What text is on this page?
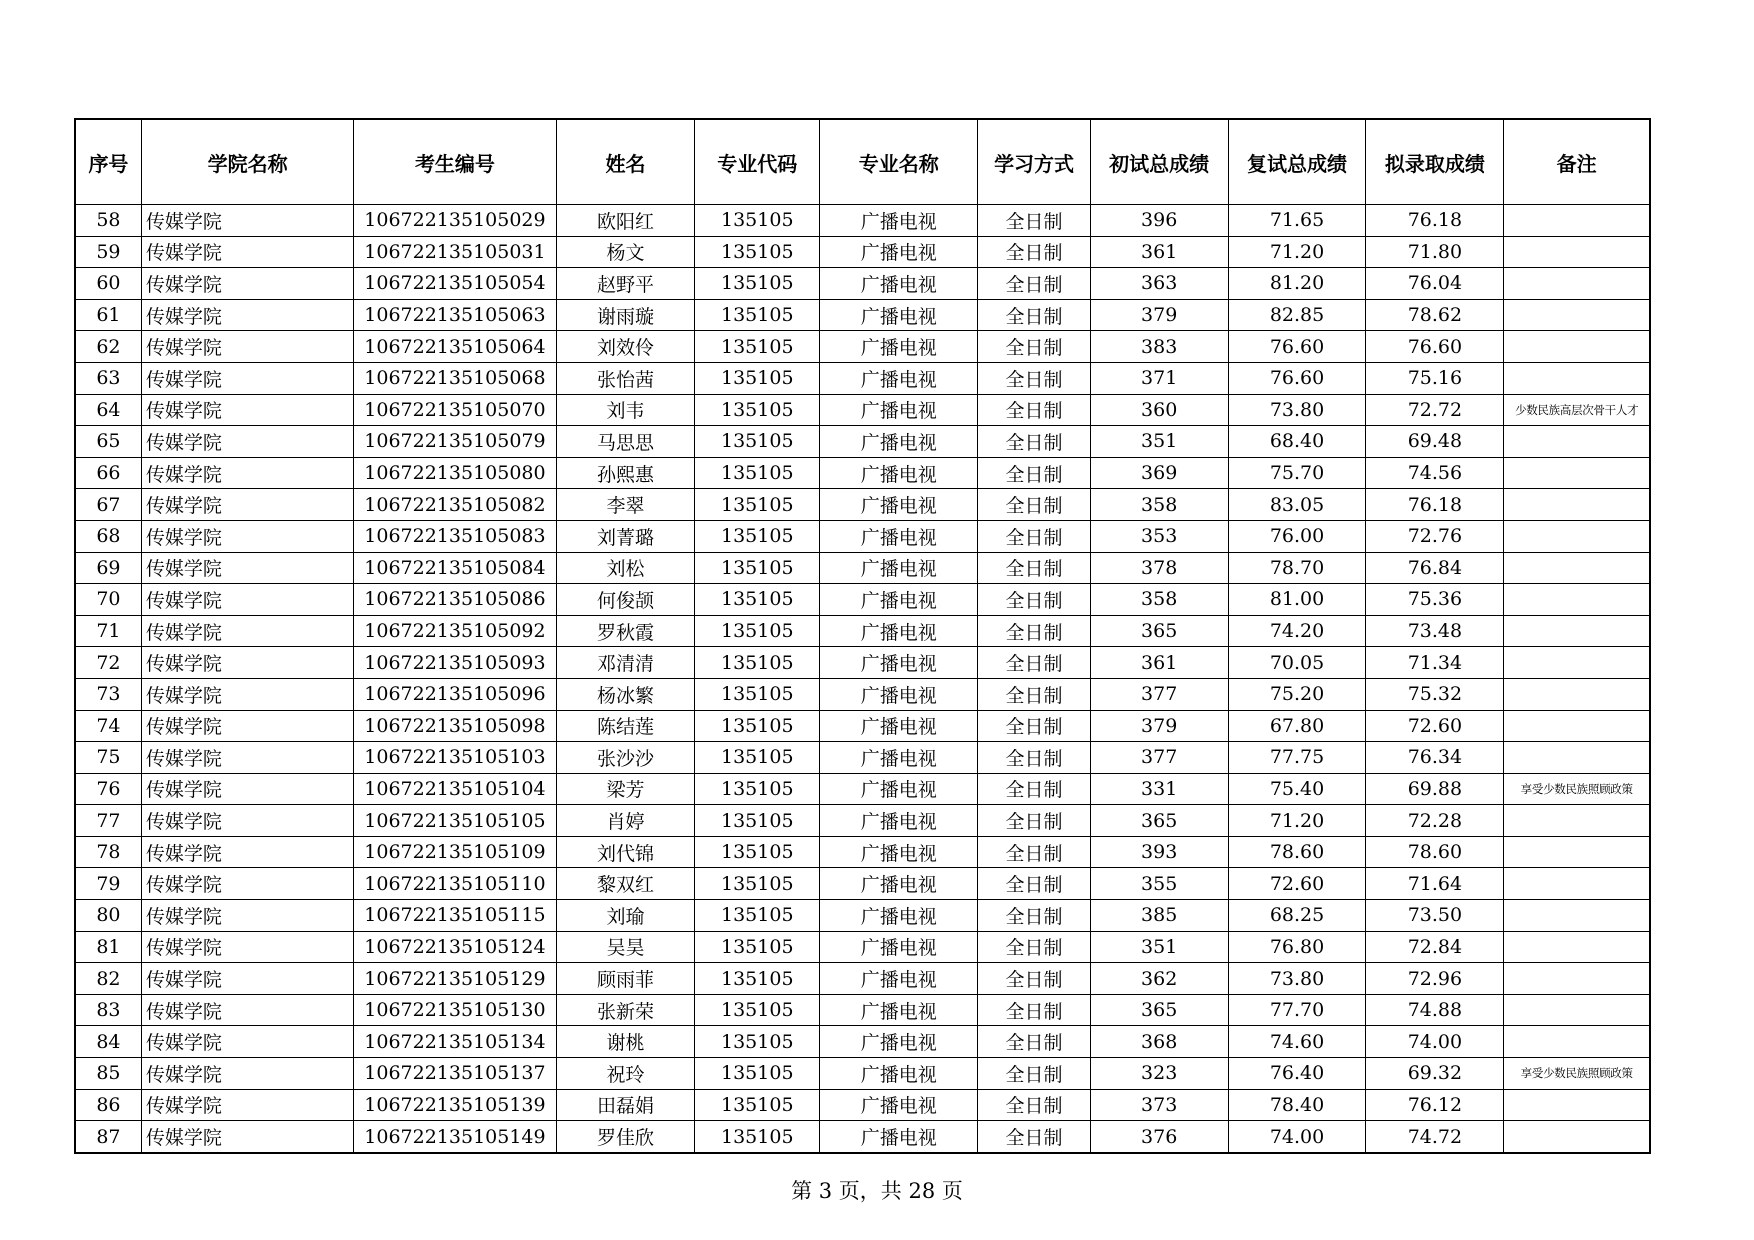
序号	学院名称	考生编号	姓名	专业代码	专业名称	学习方式	初试总成绩	复试总成绩	拟录取成绩	备注
58	传媒学院	106722135105029	欧阳红	135105	广播电视	全日制	396	71.65	76.18	
59	传媒学院	106722135105031	杨文	135105	广播电视	全日制	361	71.20	71.80	
60	传媒学院	106722135105054	赵野平	135105	广播电视	全日制	363	81.20	76.04	
61	传媒学院	106722135105063	谢雨璇	135105	广播电视	全日制	379	82.85	78.62	
62	传媒学院	106722135105064	刘效伶	135105	广播电视	全日制	383	76.60	76.60	
63	传媒学院	106722135105068	张怡茜	135105	广播电视	全日制	371	76.60	75.16	
64	传媒学院	106722135105070	刘韦	135105	广播电视	全日制	360	73.80	72.72	少数民族高层次骨干人才
65	传媒学院	106722135105079	马思思	135105	广播电视	全日制	351	68.40	69.48	
66	传媒学院	106722135105080	孙熙惠	135105	广播电视	全日制	369	75.70	74.56	
67	传媒学院	106722135105082	李翠	135105	广播电视	全日制	358	83.05	76.18	
68	传媒学院	106722135105083	刘菁璐	135105	广播电视	全日制	353	76.00	72.76	
69	传媒学院	106722135105084	刘松	135105	广播电视	全日制	378	78.70	76.84	
70	传媒学院	106722135105086	何俊颉	135105	广播电视	全日制	358	81.00	75.36	
71	传媒学院	106722135105092	罗秋霞	135105	广播电视	全日制	365	74.20	73.48	
72	传媒学院	106722135105093	邓清清	135105	广播电视	全日制	361	70.05	71.34	
73	传媒学院	106722135105096	杨冰繁	135105	广播电视	全日制	377	75.20	75.32	
74	传媒学院	106722135105098	陈结莲	135105	广播电视	全日制	379	67.80	72.60	
75	传媒学院	106722135105103	张沙沙	135105	广播电视	全日制	377	77.75	76.34	
76	传媒学院	106722135105104	梁芳	135105	广播电视	全日制	331	75.40	69.88	享受少数民族照顾政策
77	传媒学院	106722135105105	肖婷	135105	广播电视	全日制	365	71.20	72.28	
78	传媒学院	106722135105109	刘代锦	135105	广播电视	全日制	393	78.60	78.60	
79	传媒学院	106722135105110	黎双红	135105	广播电视	全日制	355	72.60	71.64	
80	传媒学院	106722135105115	刘瑜	135105	广播电视	全日制	385	68.25	73.50	
81	传媒学院	106722135105124	吴昊	135105	广播电视	全日制	351	76.80	72.84	
82	传媒学院	106722135105129	顾雨菲	135105	广播电视	全日制	362	73.80	72.96	
83	传媒学院	106722135105130	张新荣	135105	广播电视	全日制	365	77.70	74.88	
84	传媒学院	106722135105134	谢桃	135105	广播电视	全日制	368	74.60	74.00	
85	传媒学院	106722135105137	祝玲	135105	广播电视	全日制	323	76.40	69.32	享受少数民族照顾政策
86	传媒学院	106722135105139	田磊娟	135105	广播电视	全日制	373	78.40	76.12	
87	传媒学院	106722135105149	罗佳欣	135105	广播电视	全日制	376	74.00	74.72	
第 3 页，共 28 页
